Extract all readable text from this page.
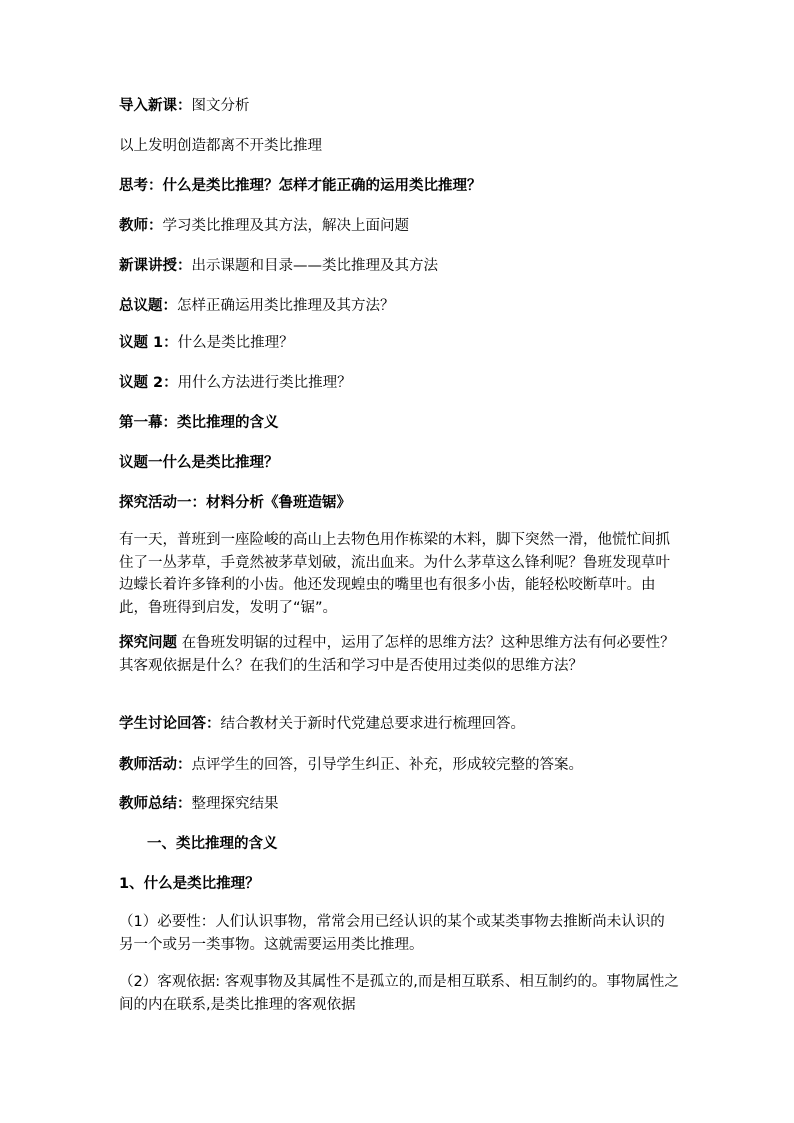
导入新课：图文分析

以上发明创造都离不开类比推理

思考：什么是类比推理？怎样才能正确的运用类比推理？

教师：学习类比推理及其方法，解决上面问题

新课讲授：出示课题和目录——类比推理及其方法

总议题：怎样正确运用类比推理及其方法？

议题 1：什么是类比推理？

议题 2：用什么方法进行类比推理？

第一幕：类比推理的含义

议题一什么是类比推理？

探究活动一：材料分析《鲁班造锯》

有一天，普班到一座险峻的高山上去物色用作栋梁的木料，脚下突然一滑，他慌忙间抓住了一丛茅草，手竟然被茅草划破，流出血来。为什么茅草这么锋利呢？鲁班发现草叶边蠓长着许多锋利的小齿。他还发现蝗虫的嘴里也有很多小齿，能轻松咬断草叶。由此，鲁班得到启发，发明了“锯”。

探究问题 在鲁班发明锯的过程中，运用了怎样的思维方法？这种思维方法有何必要性？其客观依据是什么？在我们的生活和学习中是否使用过类似的思维方法？

学生讨论回答：结合教材关于新时代党建总要求进行梳理回答。

教师活动：点评学生的回答，引导学生纠正、补充，形成较完整的答案。

教师总结：整理探究结果

一、类比推理的含义

1、什么是类比推理？

（1）必要性：人们认识事物，常常会用已经认识的某个或某类事物去推断尚未认识的另一个或另一类事物。这就需要运用类比推理。

（2）客观依据: 客观事物及其属性不是孤立的,而是相互联系、相互制约的。事物属性之间的内在联系,是类比推理的客观依据
